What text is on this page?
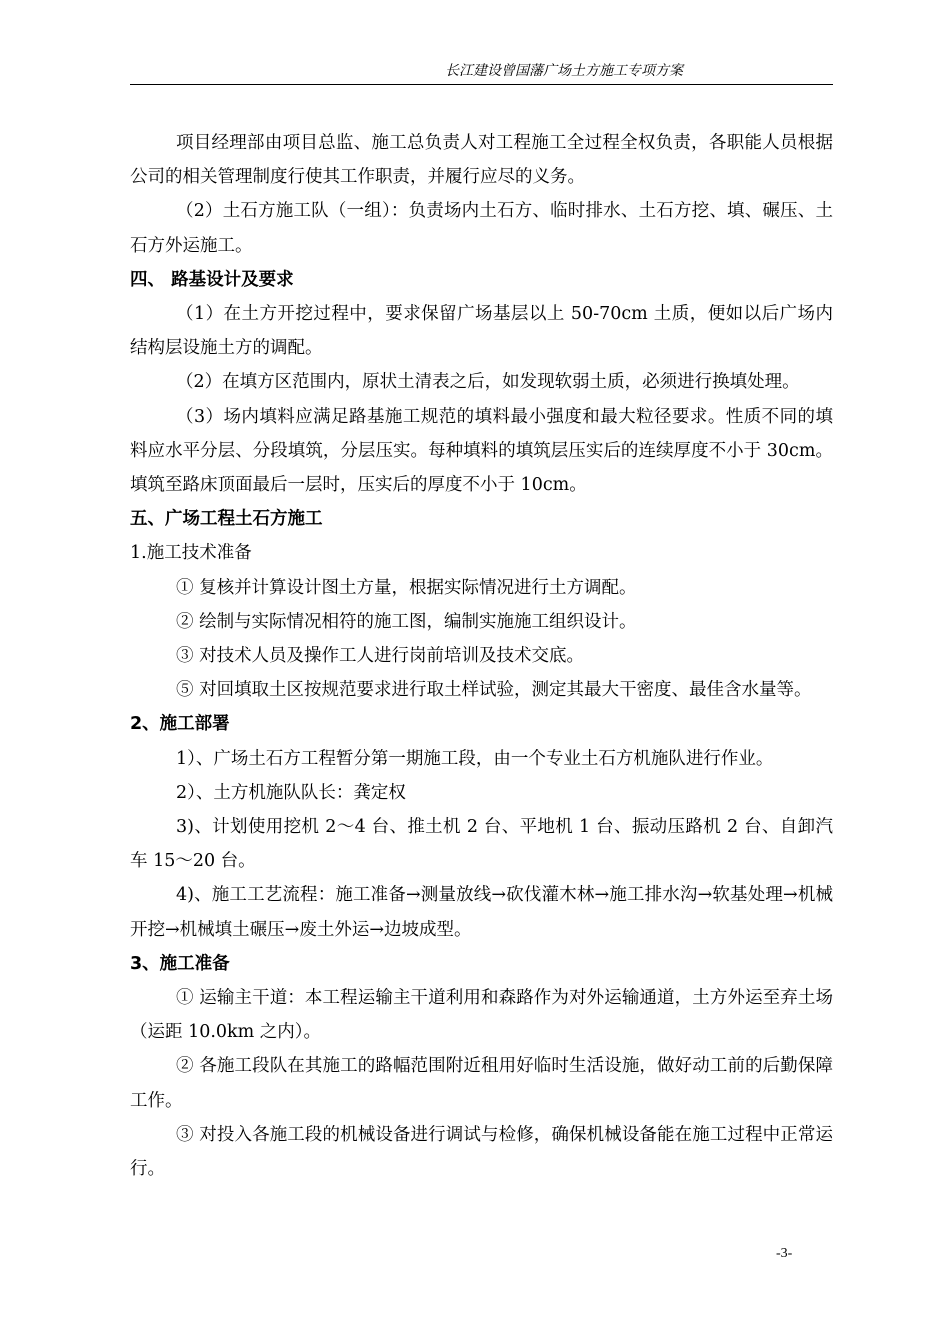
长江建设曾国藩广场土方施工专项方案
项目经理部由项目总监、施工总负责人对工程施工全过程全权负责，各职能人员根据公司的相关管理制度行使其工作职责，并履行应尽的义务。
（2）土石方施工队（一组）：负责场内土石方、临时排水、土石方挖、填、碾压、土石方外运施工。
四、 路基设计及要求
（1）在土方开挖过程中，要求保留广场基层以上 50-70cm 土质，便如以后广场内结构层设施土方的调配。
（2）在填方区范围内，原状土清表之后，如发现软弱土质，必须进行换填处理。
（3）场内填料应满足路基施工规范的填料最小强度和最大粒径要求。性质不同的填料应水平分层、分段填筑，分层压实。每种填料的填筑层压实后的连续厚度不小于 30cm。填筑至路床顶面最后一层时，压实后的厚度不小于 10cm。
五、广场工程土石方施工
1.施工技术准备
① 复核并计算设计图土方量，根据实际情况进行土方调配。
② 绘制与实际情况相符的施工图，编制实施施工组织设计。
③ 对技术人员及操作工人进行岗前培训及技术交底。
⑤ 对回填取土区按规范要求进行取土样试验，测定其最大干密度、最佳含水量等。
2、施工部署
1）、广场土石方工程暂分第一期施工段，由一个专业土石方机施队进行作业。
2）、土方机施队队长：龚定权
3)、计划使用挖机 2～4 台、推土机 2 台、平地机 1 台、振动压路机 2 台、自卸汽车 15～20 台。
4)、施工工艺流程：施工准备→测量放线→砍伐灌木林→施工排水沟→软基处理→机械开挖→机械填土碾压→废土外运→边坡成型。
3、施工准备
① 运输主干道：本工程运输主干道利用和森路作为对外运输通道，土方外运至弃土场（运距 10.0km 之内）。
② 各施工段队在其施工的路幅范围附近租用好临时生活设施，做好动工前的后勤保障工作。
③ 对投入各施工段的机械设备进行调试与检修，确保机械设备能在施工过程中正常运行。
-3-
